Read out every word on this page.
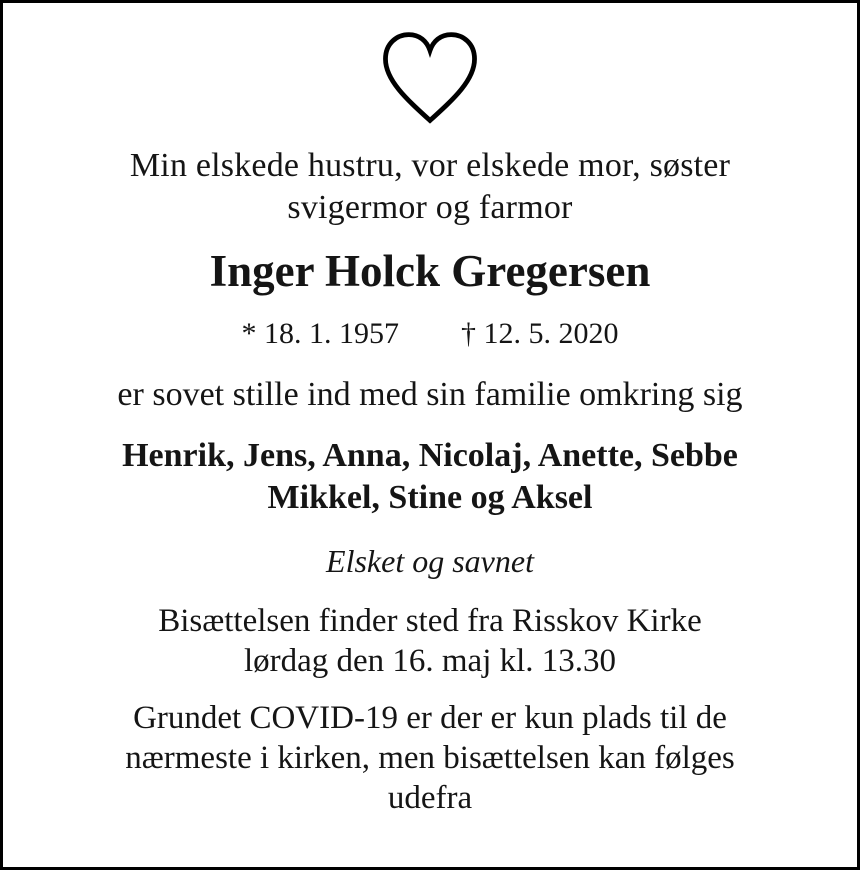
Min elskede hustru, vor elskede mor, søster
svigermor og farmor
Inger Holck Gregersen
* 18. 1. 1957 † 12. 5. 2020
er sovet stille ind med sin familie omkring sig
Henrik, Jens, Anna, Nicolaj, Anette, Sebbe
Mikkel, Stine og Aksel
Elsket og savnet
Bisættelsen finder sted fra Risskov Kirke
lørdag den 16. maj kl. 13.30
Grundet COVID-19 er der er kun plads til de
nærmeste i kirken, men bisættelsen kan følges
udefra
